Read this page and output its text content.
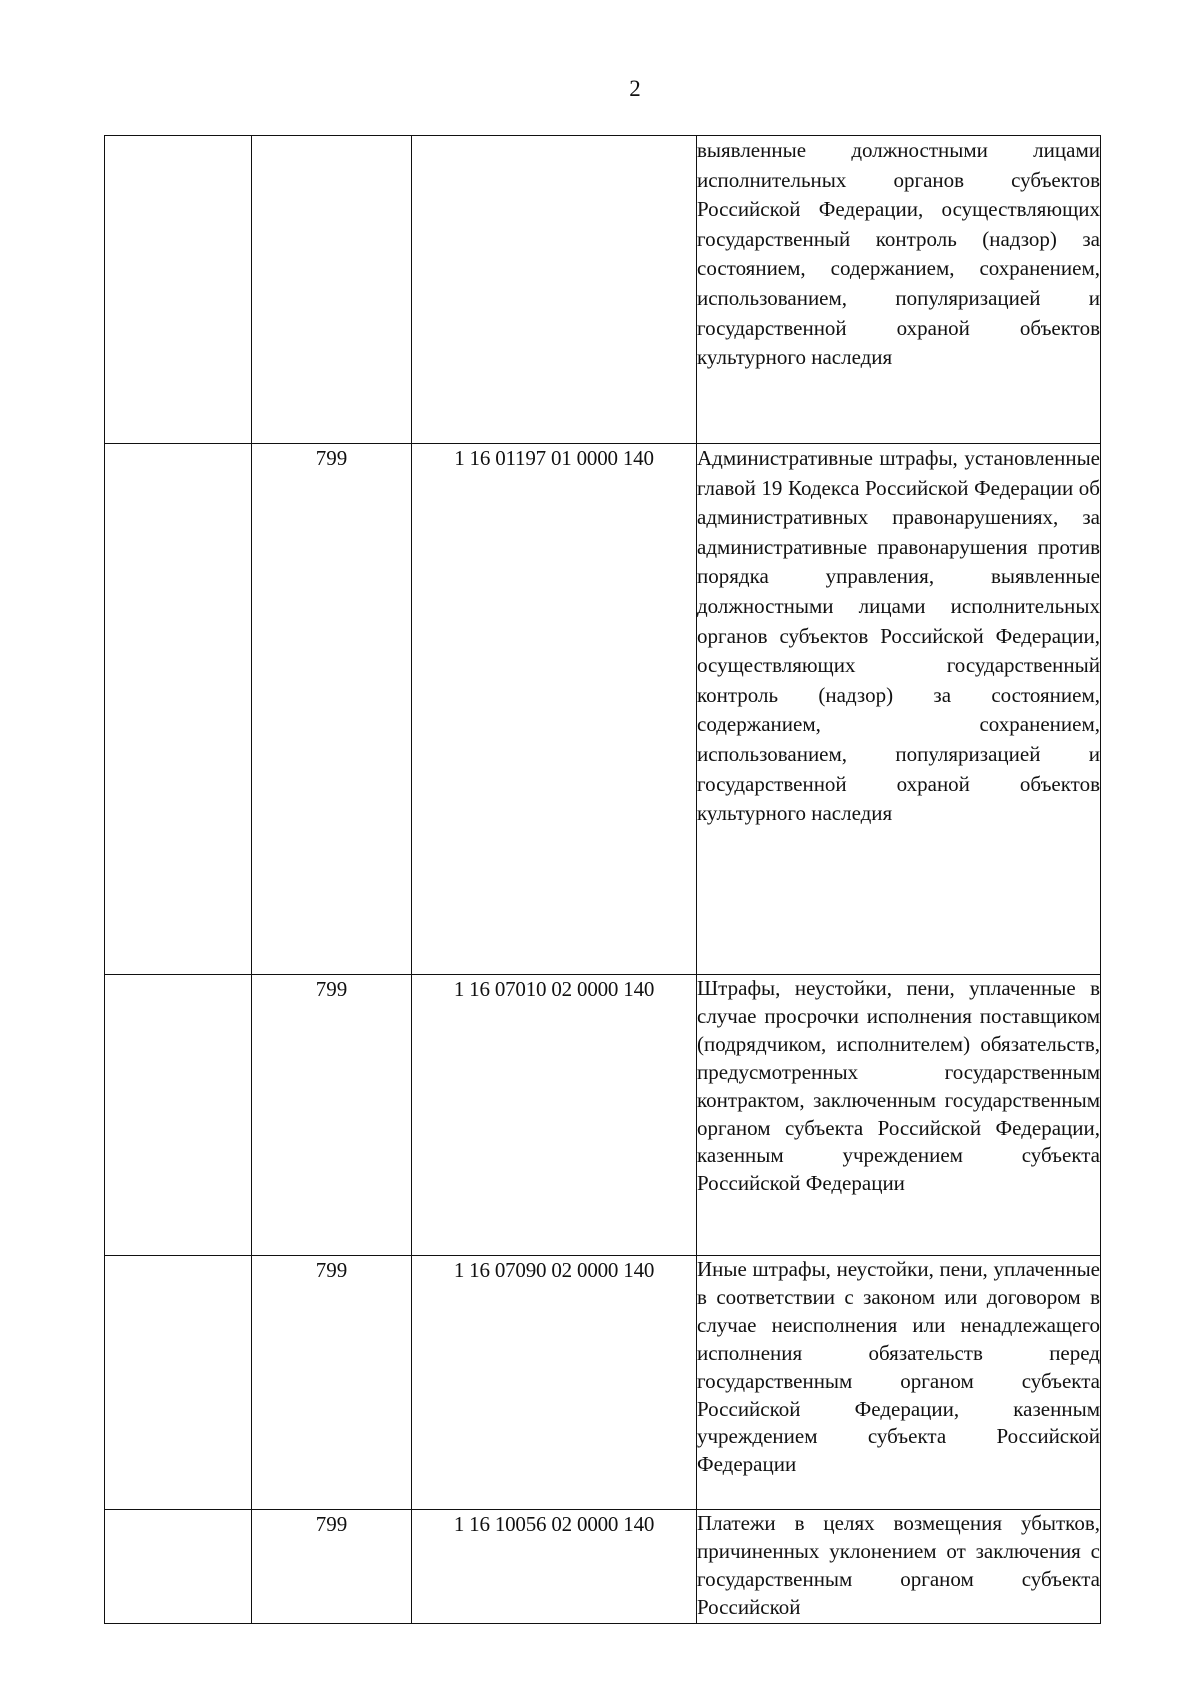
2
			выявленные должностными лицами исполнительных органов субъектов Российской Федерации, осуществляющих государственный контроль (надзор) за состоянием, содержанием, сохранением, использованием, популяризацией и государственной охраной объектов культурного наследия
	799	1 16 01197 01 0000 140	Административные штрафы, установленные главой 19 Кодекса Российской Федерации об административных правонарушениях, за административные правонарушения против порядка управления, выявленные должностными лицами исполнительных органов субъектов Российской Федерации, осуществляющих государственный контроль (надзор) за состоянием, содержанием, сохранением, использованием, популяризацией и государственной охраной объектов культурного наследия
	799	1 16 07010 02 0000 140	Штрафы, неустойки, пени, уплаченные в случае просрочки исполнения поставщиком (подрядчиком, исполнителем) обязательств, предусмотренных государственным контрактом, заключенным государственным органом субъекта Российской Федерации, казенным учреждением субъекта Российской Федерации
	799	1 16 07090 02 0000 140	Иные штрафы, неустойки, пени, уплаченные в соответствии с законом или договором в случае неисполнения или ненадлежащего исполнения обязательств перед государственным органом субъекта Российской Федерации, казенным учреждением субъекта Российской Федерации
	799	1 16 10056 02 0000 140	Платежи в целях возмещения убытков, причиненных уклонением от заключения с государственным органом субъекта Российской
